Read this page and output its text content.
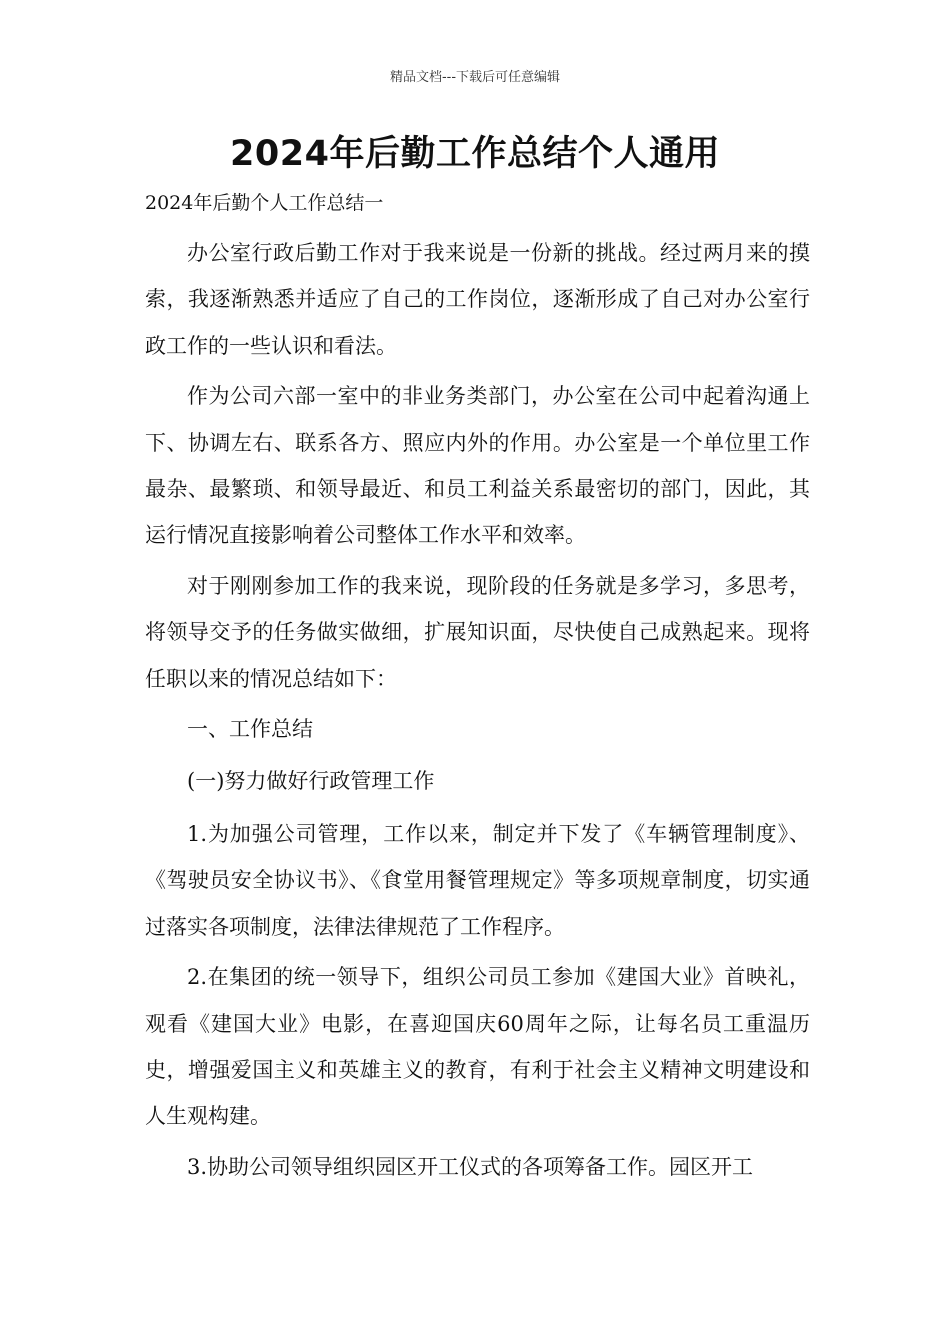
精品文档---下载后可任意编辑
2024年后勤工作总结个人通用
2024年后勤个人工作总结一

办公室行政后勤工作对于我来说是一份新的挑战。经过两月来的摸索，我逐渐熟悉并适应了自己的工作岗位，逐渐形成了自己对办公室行政工作的一些认识和看法。

作为公司六部一室中的非业务类部门，办公室在公司中起着沟通上下、协调左右、联系各方、照应内外的作用。办公室是一个单位里工作最杂、最繁琐、和领导最近、和员工利益关系最密切的部门，因此，其运行情况直接影响着公司整体工作水平和效率。

对于刚刚参加工作的我来说，现阶段的任务就是多学习，多思考，将领导交予的任务做实做细，扩展知识面，尽快使自己成熟起来。现将任职以来的情况总结如下：

一、工作总结

(一)努力做好行政管理工作

1.为加强公司管理，工作以来，制定并下发了《车辆管理制度》、《驾驶员安全协议书》、《食堂用餐管理规定》等多项规章制度，切实通过落实各项制度，法律法律规范了工作程序。

2.在集团的统一领导下，组织公司员工参加《建国大业》首映礼，观看《建国大业》电影，在喜迎国庆60周年之际，让每名员工重温历史，增强爱国主义和英雄主义的教育，有利于社会主义精神文明建设和人生观构建。

3.协助公司领导组织园区开工仪式的各项筹备工作。园区开工
